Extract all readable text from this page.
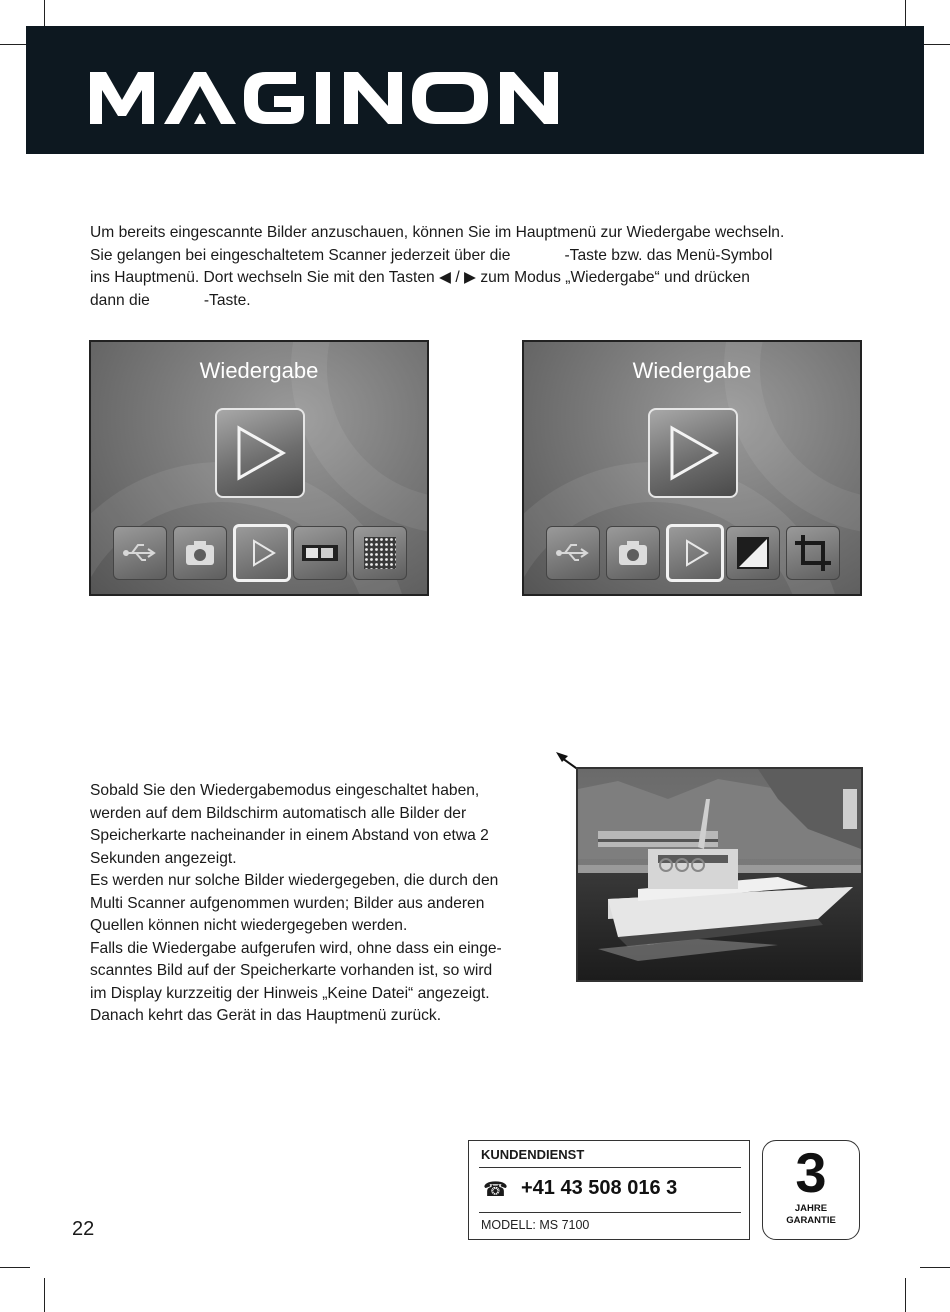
Um bereits eingescannte Bilder anzuschauen, können Sie im Hauptmenü zur Wiedergabe wechseln.
Sie gelangen bei eingeschaltetem Scanner jederzeit über die	-Taste bzw. das Menü-Symbol
ins Hauptmenü. Dort wechseln Sie mit den Tasten ◀ / ▶ zum Modus „Wiedergabe“ und drücken
dann die	-Taste.
Wiedergabe	Wiedergabe
Sobald Sie den Wiedergabemodus eingeschaltet haben,
werden auf dem Bildschirm automatisch alle Bilder der
Speicherkarte nacheinander in einem Abstand von etwa 2
Sekunden angezeigt.
Es werden nur solche Bilder wiedergegeben, die durch den
Multi Scanner aufgenommen wurden; Bilder aus anderen
Quellen können nicht wiedergegeben werden.
Falls die Wiedergabe aufgerufen wird, ohne dass ein einge-
scanntes Bild auf der Speicherkarte vorhanden ist, so wird
im Display kurzzeitig der Hinweis „Keine Datei“ angezeigt.
Danach kehrt das Gerät in das Hauptmenü zurück.
KUNDENDIENST
☎ +41 43 508 016 3
MODELL: MS 7100
3
JAHRE
GARANTIE
22
